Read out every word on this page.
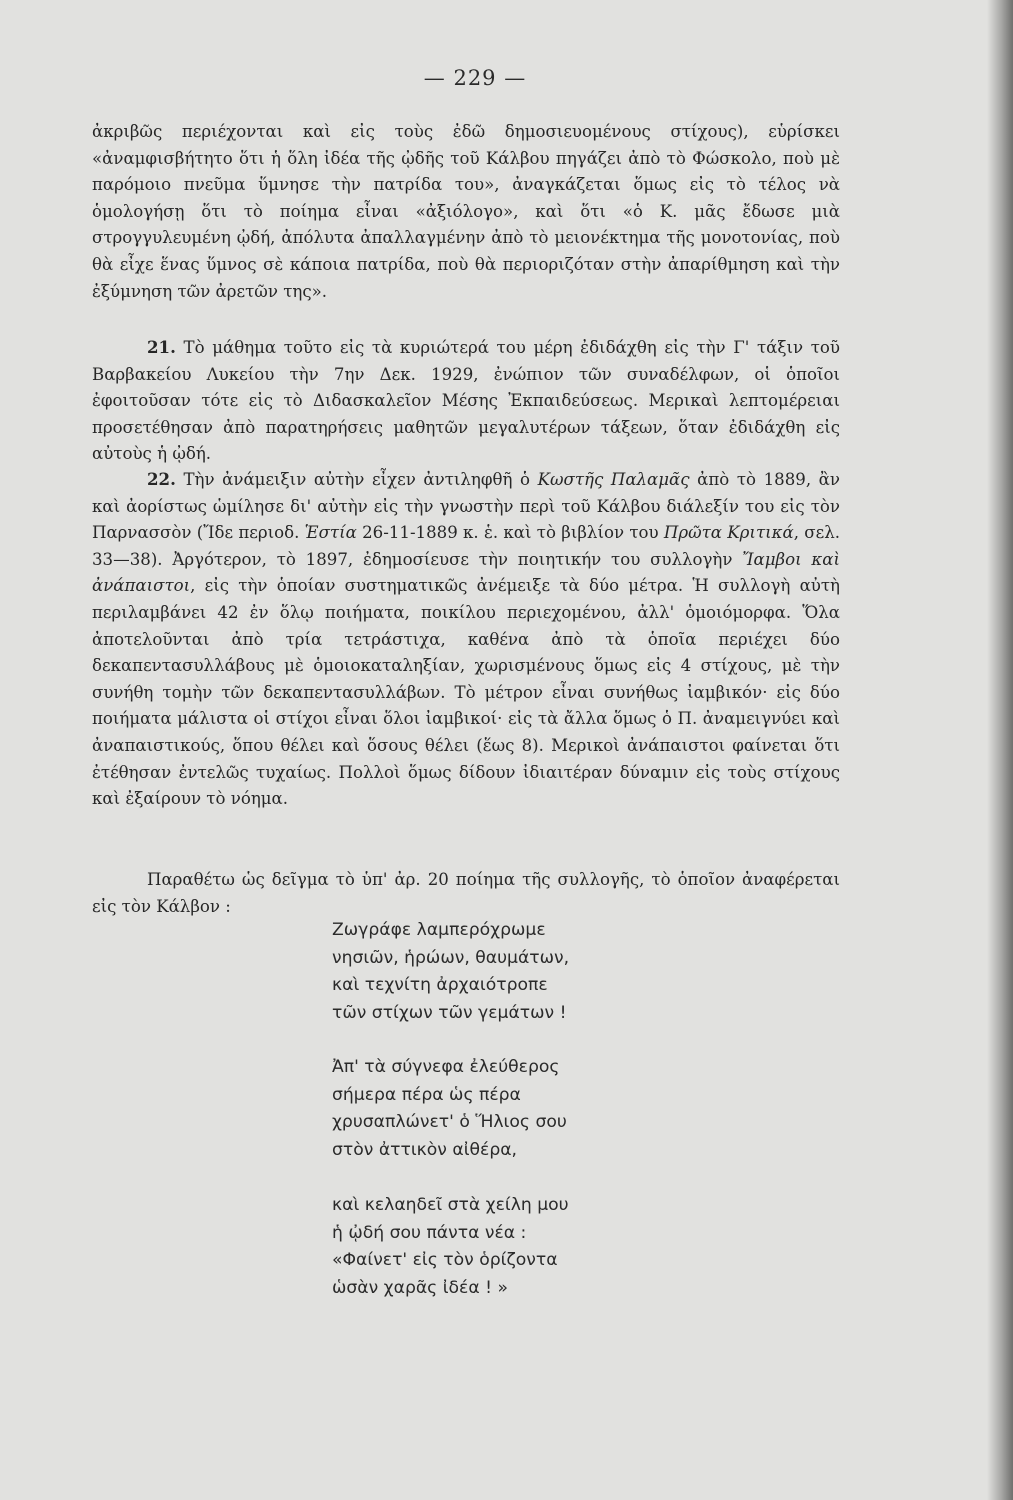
— 229 —

ἀκριβῶς περιέχονται καὶ εἰς τοὺς ἐδῶ δημοσιευομένους στίχους), εὑρίσκει «ἀναμφισβήτητο ὅτι ἡ ὅλη ἰδέα τῆς ᾠδῆς τοῦ Κάλβου πηγάζει ἀπὸ τὸ Φώσκολο, ποὺ μὲ παρόμοιο πνεῦμα ὕμνησε τὴν πατρίδα του», ἀναγκάζεται ὅμως εἰς τὸ τέλος νὰ ὁμολογήσῃ ὅτι τὸ ποίημα εἶναι «ἀξιόλογο», καὶ ὅτι «ὁ Κ. μᾶς ἔδωσε μιὰ στρογγυλευμένη ᾠδή, ἀπόλυτα ἀπαλλαγμένην ἀπὸ τὸ μειονέκτημα τῆς μονοτονίας, ποὺ θὰ εἶχε ἕνας ὕμνος σὲ κάποια πατρίδα, ποὺ θὰ περιοριζόταν στὴν ἀπαρίθμηση καὶ τὴν ἐξύμνηση τῶν ἀρετῶν της».

21. Τὸ μάθημα τοῦτο εἰς τὰ κυριώτερά του μέρη ἐδιδάχθη εἰς τὴν Γ' τάξιν τοῦ Βαρβακείου Λυκείου τὴν 7ην Δεκ. 1929, ἐνώπιον τῶν συναδέλφων, οἱ ὁποῖοι ἐφοιτοῦσαν τότε εἰς τὸ Διδασκαλεῖον Μέσης Ἐκπαιδεύσεως. Μερικαὶ λεπτομέρειαι προσετέθησαν ἀπὸ παρατηρήσεις μαθητῶν μεγαλυτέρων τάξεων, ὅταν ἐδιδάχθη εἰς αὐτοὺς ἡ ᾠδή.

22. Τὴν ἀνάμειξιν αὐτὴν εἶχεν ἀντιληφθῆ ὁ Κωστῆς Παλαμᾶς ἀπὸ τὸ 1889, ἂν καὶ ἀορίστως ὡμίλησε δι' αὐτὴν εἰς τὴν γνωστὴν περὶ τοῦ Κάλβου διάλεξίν του εἰς τὸν Παρνασσὸν (Ἴδε περιοδ. Ἑστία 26-11-1889 κ. ἑ. καὶ τὸ βιβλίον του Πρῶτα Κριτικά, σελ. 33—38). Ἀργότερον, τὸ 1897, ἐδημοσίευσε τὴν ποιητικήν του συλλογὴν Ἴαμβοι καὶ ἀνάπαιστοι, εἰς τὴν ὁποίαν συστηματικῶς ἀνέμειξε τὰ δύο μέτρα. Ἡ συλλογὴ αὐτὴ περιλαμβάνει 42 ἐν ὅλῳ ποιήματα, ποικίλου περιεχομένου, ἀλλ' ὁμοιόμορφα. Ὅλα ἀποτελοῦνται ἀπὸ τρία τετράστιχα, καθένα ἀπὸ τὰ ὁποῖα περιέχει δύο δεκαπεντασυλλάβους μὲ ὁμοιοκαταληξίαν, χωρισμένους ὅμως εἰς 4 στίχους, μὲ τὴν συνήθη τομὴν τῶν δεκαπεντασυλλάβων. Τὸ μέτρον εἶναι συνήθως ἰαμβικόν· εἰς δύο ποιήματα μάλιστα οἱ στίχοι εἶναι ὅλοι ἰαμβικοί· εἰς τὰ ἄλλα ὅμως ὁ Π. ἀναμειγνύει καὶ ἀναπαιστικούς, ὅπου θέλει καὶ ὅσους θέλει (ἕως 8). Μερικοὶ ἀνάπαιστοι φαίνεται ὅτι ἐτέθησαν ἐντελῶς τυχαίως. Πολλοὶ ὅμως δίδουν ἰδιαιτέραν δύναμιν εἰς τοὺς στίχους καὶ ἐξαίρουν τὸ νόημα.

Παραθέτω ὡς δεῖγμα τὸ ὑπ' ἀρ. 20 ποίημα τῆς συλλογῆς, τὸ ὁποῖον ἀναφέρεται εἰς τὸν Κάλβον :

Ζωγράφε λαμπερόχρωμε
νησιῶν, ἡρώων, θαυμάτων,
καὶ τεχνίτη ἀρχαιότροπε
τῶν στίχων τῶν γεμάτων !
Ἀπ' τὰ σύγνεφα ἐλεύθερος
σήμερα πέρα ὡς πέρα
χρυσαπλώνετ' ὁ Ἥλιος σου
στὸν ἀττικὸν αἰθέρα,
καὶ κελαηδεῖ στὰ χείλη μου
ἡ ᾠδή σου πάντα νέα :
«Φαίνετ' εἰς τὸν ὁρίζοντα
ὡσὰν χαρᾶς ἰδέα ! »
